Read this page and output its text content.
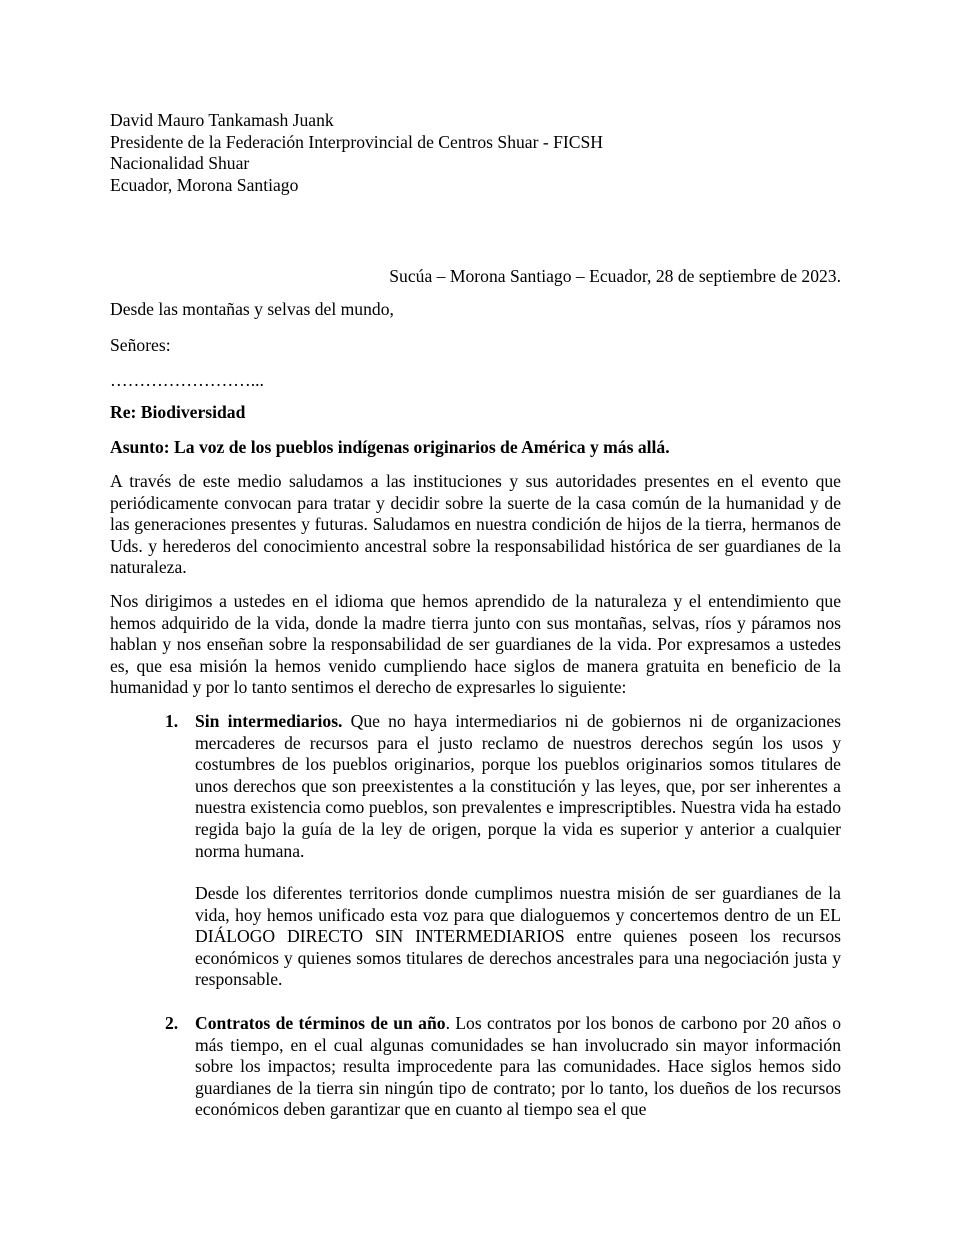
David Mauro Tankamash Juank

Presidente de la Federación Interprovincial de Centros Shuar - FICSH

Nacionalidad Shuar

Ecuador, Morona Santiago

Sucúa – Morona Santiago – Ecuador, 28 de septiembre de 2023.
Desde las montañas y selvas del mundo,
Señores:
……………………...
Re: Biodiversidad
Asunto: La voz de los pueblos indígenas originarios de América y más allá.
A través de este medio saludamos a las instituciones y sus autoridades presentes en el evento que periódicamente convocan para tratar y decidir sobre la suerte de la casa común de la humanidad y de las generaciones presentes y futuras. Saludamos en nuestra condición de hijos de la tierra, hermanos de Uds. y herederos del conocimiento ancestral sobre la responsabilidad histórica de ser guardianes de la naturaleza.
Nos dirigimos a ustedes en el idioma que hemos aprendido de la naturaleza y el entendimiento que hemos adquirido de la vida, donde la madre tierra junto con sus montañas, selvas, ríos y páramos nos hablan y nos enseñan sobre la responsabilidad de ser guardianes de la vida. Por expresamos a ustedes es, que esa misión la hemos venido cumpliendo hace siglos de manera gratuita en beneficio de la humanidad y por lo tanto sentimos el derecho de expresarles lo siguiente:
1. Sin intermediarios. Que no haya intermediarios ni de gobiernos ni de organizaciones mercaderes de recursos para el justo reclamo de nuestros derechos según los usos y costumbres de los pueblos originarios, porque los pueblos originarios somos titulares de unos derechos que son preexistentes a la constitución y las leyes, que, por ser inherentes a nuestra existencia como pueblos, son prevalentes e imprescriptibles. Nuestra vida ha estado regida bajo la guía de la ley de origen, porque la vida es superior y anterior a cualquier norma humana.

Desde los diferentes territorios donde cumplimos nuestra misión de ser guardianes de la vida, hoy hemos unificado esta voz para que dialoguemos y concertemos dentro de un EL DIÁLOGO DIRECTO SIN INTERMEDIARIOS entre quienes poseen los recursos económicos y quienes somos titulares de derechos ancestrales para una negociación justa y responsable.
2. Contratos de términos de un año. Los contratos por los bonos de carbono por 20 años o más tiempo, en el cual algunas comunidades se han involucrado sin mayor información sobre los impactos; resulta improcedente para las comunidades. Hace siglos hemos sido guardianes de la tierra sin ningún tipo de contrato; por lo tanto, los dueños de los recursos económicos deben garantizar que en cuanto al tiempo sea el que
